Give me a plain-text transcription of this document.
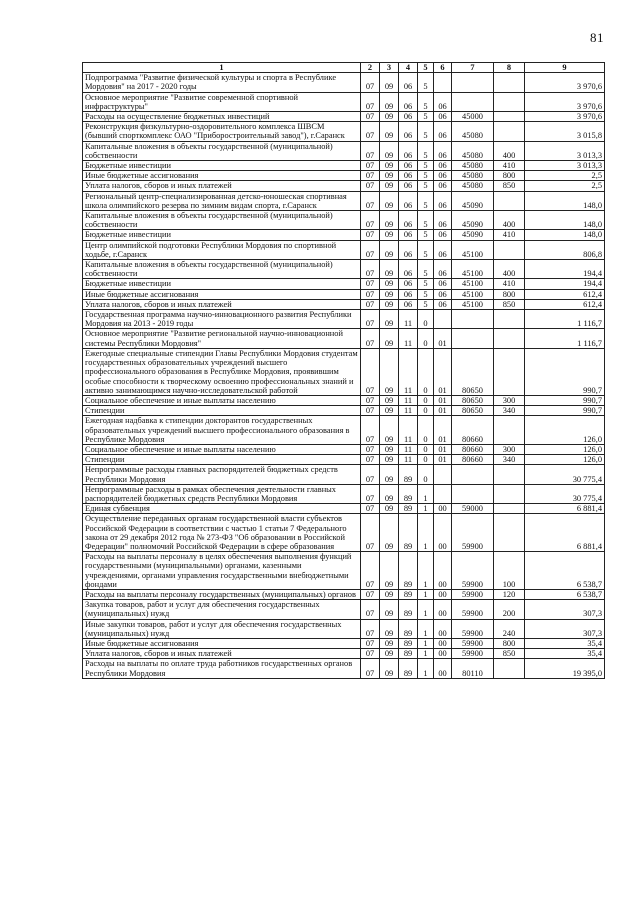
81
1	2	3	4	5	6	7	8	9
Подпрограмма "Развитие физической культуры и спорта в Республике Мордовия" на 2017 - 2020 годы	07	09	06	5				3 970,6
Основное мероприятие "Развитие современной спортивной инфраструктуры"	07	09	06	5	06			3 970,6
Расходы на осуществление бюджетных инвестиций	07	09	06	5	06	45000		3 970,6
Реконструкция физкультурно-оздоровительного комплекса ШВСМ (бывший спорткомплекс ОАО "Приборостроительный завод"), г.Саранск	07	09	06	5	06	45080		3 015,8
Капитальные вложения в объекты государственной (муниципальной) собственности	07	09	06	5	06	45080	400	3 013,3
Бюджетные инвестиции	07	09	06	5	06	45080	410	3 013,3
Иные бюджетные ассигнования	07	09	06	5	06	45080	800	2,5
Уплата налогов, сборов и иных платежей	07	09	06	5	06	45080	850	2,5
Региональный центр-специализированная детско-юношеская спортивная школа олимпийского резерва по зимним видам спорта, г.Саранск	07	09	06	5	06	45090		148,0
Капитальные вложения в объекты государственной (муниципальной) собственности	07	09	06	5	06	45090	400	148,0
Бюджетные инвестиции	07	09	06	5	06	45090	410	148,0
Центр олимпийской подготовки Республики Мордовия по спортивной ходьбе, г.Саранск	07	09	06	5	06	45100		806,8
Капитальные вложения в объекты государственной (муниципальной) собственности	07	09	06	5	06	45100	400	194,4
Бюджетные инвестиции	07	09	06	5	06	45100	410	194,4
Иные бюджетные ассигнования	07	09	06	5	06	45100	800	612,4
Уплата налогов, сборов и иных платежей	07	09	06	5	06	45100	850	612,4
Государственная программа научно-инновационного развития Республики Мордовия на 2013 - 2019 годы	07	09	11	0				1 116,7
Основное мероприятие "Развитие региональной научно-инновационной системы Республики Мордовия"	07	09	11	0	01			1 116,7
Ежегодные специальные стипендии Главы Республики Мордовия студентам государственных образовательных учреждений высшего профессионального образования в Республике Мордовия, проявившим особые способности к творческому освоению профессиональных знаний и активно занимающимся научно-исследовательской работой	07	09	11	0	01	80650		990,7
Социальное обеспечение и иные выплаты населению	07	09	11	0	01	80650	300	990,7
Стипендии	07	09	11	0	01	80650	340	990,7
Ежегодная надбавка к стипендии докторантов государственных образовательных учреждений высшего профессионального образования в Республике Мордовия	07	09	11	0	01	80660		126,0
Социальное обеспечение и иные выплаты населению	07	09	11	0	01	80660	300	126,0
Стипендии	07	09	11	0	01	80660	340	126,0
Непрограммные расходы главных распорядителей бюджетных средств Республики Мордовия	07	09	89	0				30 775,4
Непрограммные расходы в рамках обеспечения деятельности главных распорядителей бюджетных средств Республики Мордовия	07	09	89	1				30 775,4
Единая субвенция	07	09	89	1	00	59000		6 881,4
Осуществление переданных органам государственной власти субъектов Российской Федерации в соответствии с частью 1 статьи 7 Федерального закона от 29 декабря 2012 года № 273-ФЗ "Об образовании в Российской Федерации" полномочий Российской Федерации в сфере образования	07	09	89	1	00	59900		6 881,4
Расходы на выплаты персоналу в целях обеспечения выполнения функций государственными (муниципальными) органами, казенными учреждениями, органами управления государственными внебюджетными фондами	07	09	89	1	00	59900	100	6 538,7
Расходы на выплаты персоналу государственных (муниципальных) органов	07	09	89	1	00	59900	120	6 538,7
Закупка товаров, работ и услуг для обеспечения государственных (муниципальных) нужд	07	09	89	1	00	59900	200	307,3
Иные закупки товаров, работ и услуг для обеспечения государственных (муниципальных) нужд	07	09	89	1	00	59900	240	307,3
Иные бюджетные ассигнования	07	09	89	1	00	59900	800	35,4
Уплата налогов, сборов и иных платежей	07	09	89	1	00	59900	850	35,4
Расходы на выплаты по оплате труда работников государственных органов Республики Мордовия	07	09	89	1	00	80110		19 395,0
